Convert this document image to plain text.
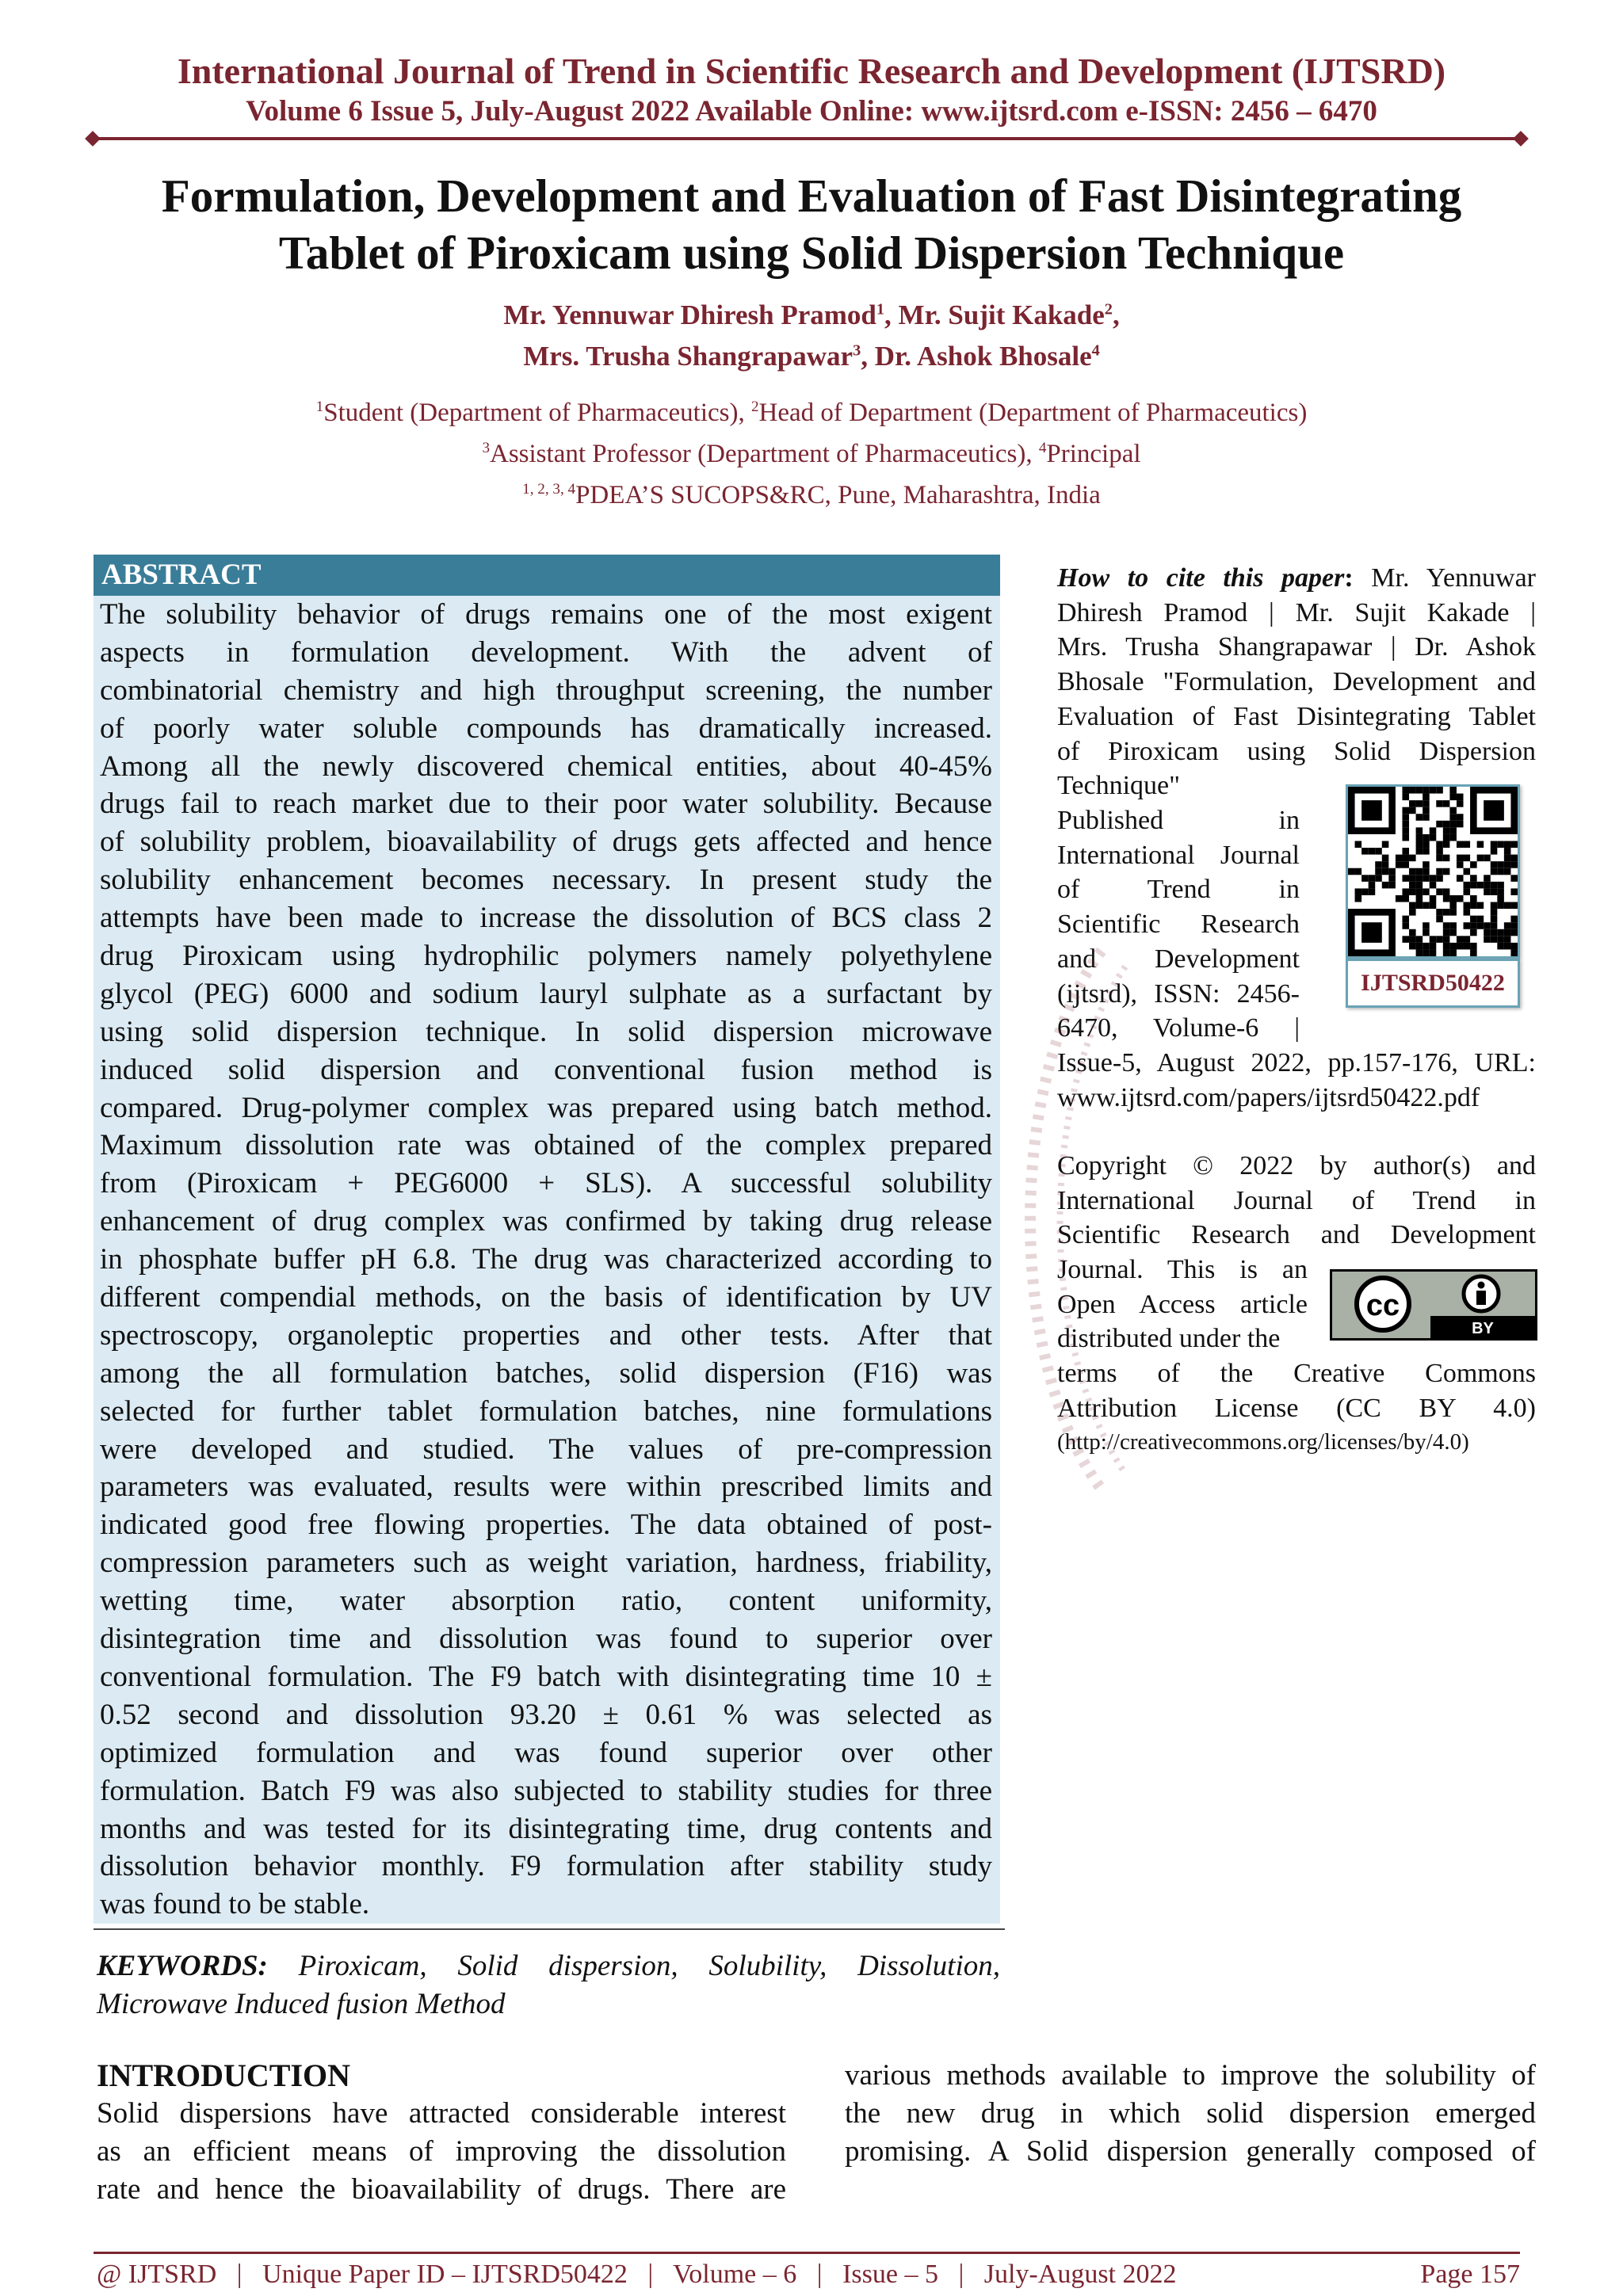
International Journal of Trend in Scientific Research and Development (IJTSRD)
Volume 6 Issue 5, July-August 2022 Available Online: www.ijtsrd.com e-ISSN: 2456 – 6470
Formulation, Development and Evaluation of Fast Disintegrating
Tablet of Piroxicam using Solid Dispersion Technique
Mr. Yennuwar Dhiresh Pramod$^1$, Mr. Sujit Kakade$^2$,
Mrs. Trusha Shangrapawar$^3$, Dr. Ashok Bhosale$^4$
$^1$Student (Department of Pharmaceutics), $^2$Head of Department (Department of Pharmaceutics)
$^3$Assistant Professor (Department of Pharmaceutics), $^4$Principal
$^{1, 2, 3, 4}$PDEA’S SUCOPS&RC, Pune, Maharashtra, India
ABSTRACT
The solubility behavior of drugs remains one of the most exigent
aspects in formulation development. With the advent of
combinatorial chemistry and high throughput screening, the number
of poorly water soluble compounds has dramatically increased.
Among all the newly discovered chemical entities, about 40-45%
drugs fail to reach market due to their poor water solubility. Because
of solubility problem, bioavailability of drugs gets affected and hence
solubility enhancement becomes necessary. In present study the
attempts have been made to increase the dissolution of BCS class 2
drug Piroxicam using hydrophilic polymers namely polyethylene
glycol (PEG) 6000 and sodium lauryl sulphate as a surfactant by
using solid dispersion technique. In solid dispersion microwave
induced solid dispersion and conventional fusion method is
compared. Drug-polymer complex was prepared using batch method.
Maximum dissolution rate was obtained of the complex prepared
from (Piroxicam + PEG6000 + SLS). A successful solubility
enhancement of drug complex was confirmed by taking drug release
in phosphate buffer pH 6.8. The drug was characterized according to
different compendial methods, on the basis of identification by UV
spectroscopy, organoleptic properties and other tests. After that
among the all formulation batches, solid dispersion (F16) was
selected for further tablet formulation batches, nine formulations
were developed and studied. The values of pre-compression
parameters was evaluated, results were within prescribed limits and
indicated good free flowing properties. The data obtained of post-
compression parameters such as weight variation, hardness, friability,
wetting time, water absorption ratio, content uniformity,
disintegration time and dissolution was found to superior over
conventional formulation. The F9 batch with disintegrating time 10 ±
0.52 second and dissolution 93.20 ± 0.61 % was selected as
optimized formulation and was found superior over other
formulation. Batch F9 was also subjected to stability studies for three
months and was tested for its disintegrating time, drug contents and
dissolution behavior monthly. F9 formulation after stability study
was found to be stable.
KEYWORDS: Piroxicam, Solid dispersion, Solubility, Dissolution,
Microwave Induced fusion Method
INTRODUCTION
Solid dispersions have attracted considerable interest
as an efficient means of improving the dissolution
rate and hence the bioavailability of drugs. There are
various methods available to improve the solubility of
the new drug in which solid dispersion emerged
promising. A Solid dispersion generally composed of
How to cite this paper: Mr. Yennuwar
Dhiresh Pramod | Mr. Sujit Kakade |
Mrs. Trusha Shangrapawar | Dr. Ashok
Bhosale "Formulation, Development and
Evaluation of Fast Disintegrating Tablet
of Piroxicam using Solid Dispersion
Technique"
Published in
International Journal
of Trend in
Scientific Research
and Development
(ijtsrd), ISSN: 2456-
6470, Volume-6 |
Issue-5, August 2022, pp.157-176, URL:
www.ijtsrd.com/papers/ijtsrd50422.pdf
IJTSRD50422
Copyright © 2022 by author(s) and
International Journal of Trend in
Scientific Research and Development
Journal. This is an
Open Access article
distributed under the
terms of the Creative Commons
Attribution License (CC BY 4.0)
(http://creativecommons.org/licenses/by/4.0)
cc
BY
@ IJTSRD   |   Unique Paper ID – IJTSRD50422   |   Volume – 6   |   Issue – 5   |   July-August 2022	Page 157
